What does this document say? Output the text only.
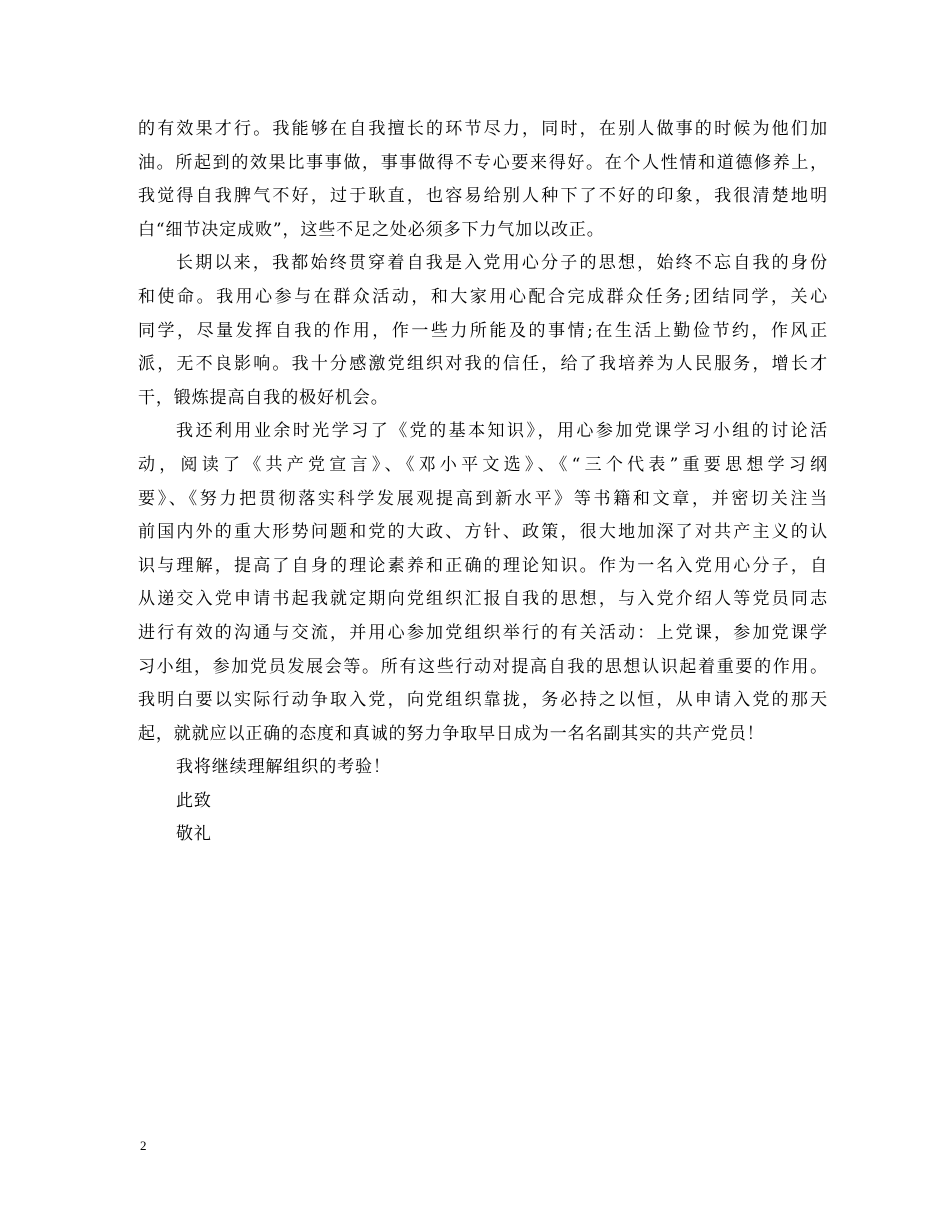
的有效果才行。我能够在自我擅长的环节尽力，同时，在别人做事的时候为他们加
油。所起到的效果比事事做，事事做得不专心要来得好。在个人性情和道德修养上，
我觉得自我脾气不好，过于耿直，也容易给别人种下了不好的印象，我很清楚地明
白“细节决定成败”，这些不足之处必须多下力气加以改正。

长期以来，我都始终贯穿着自我是入党用心分子的思想，始终不忘自我的身份
和使命。我用心参与在群众活动，和大家用心配合完成群众任务;团结同学，关心
同学，尽量发挥自我的作用，作一些力所能及的事情;在生活上勤俭节约，作风正
派，无不良影响。我十分感激党组织对我的信任，给了我培养为人民服务，增长才
干，锻炼提高自我的极好机会。

我还利用业余时光学习了《党的基本知识》，用心参加党课学习小组的讨论活
动，阅读了《共产党宣言》、《邓小平文选》、《“三个代表”重要思想学习纲
要》、《努力把贯彻落实科学发展观提高到新水平》等书籍和文章，并密切关注当
前国内外的重大形势问题和党的大政、方针、政策，很大地加深了对共产主义的认
识与理解，提高了自身的理论素养和正确的理论知识。作为一名入党用心分子，自
从递交入党申请书起我就定期向党组织汇报自我的思想，与入党介绍人等党员同志
进行有效的沟通与交流，并用心参加党组织举行的有关活动：上党课，参加党课学
习小组，参加党员发展会等。所有这些行动对提高自我的思想认识起着重要的作用。
我明白要以实际行动争取入党，向党组织靠拢，务必持之以恒，从申请入党的那天
起，就就应以正确的态度和真诚的努力争取早日成为一名名副其实的共产党员！

我将继续理解组织的考验！

此致

敬礼

2
